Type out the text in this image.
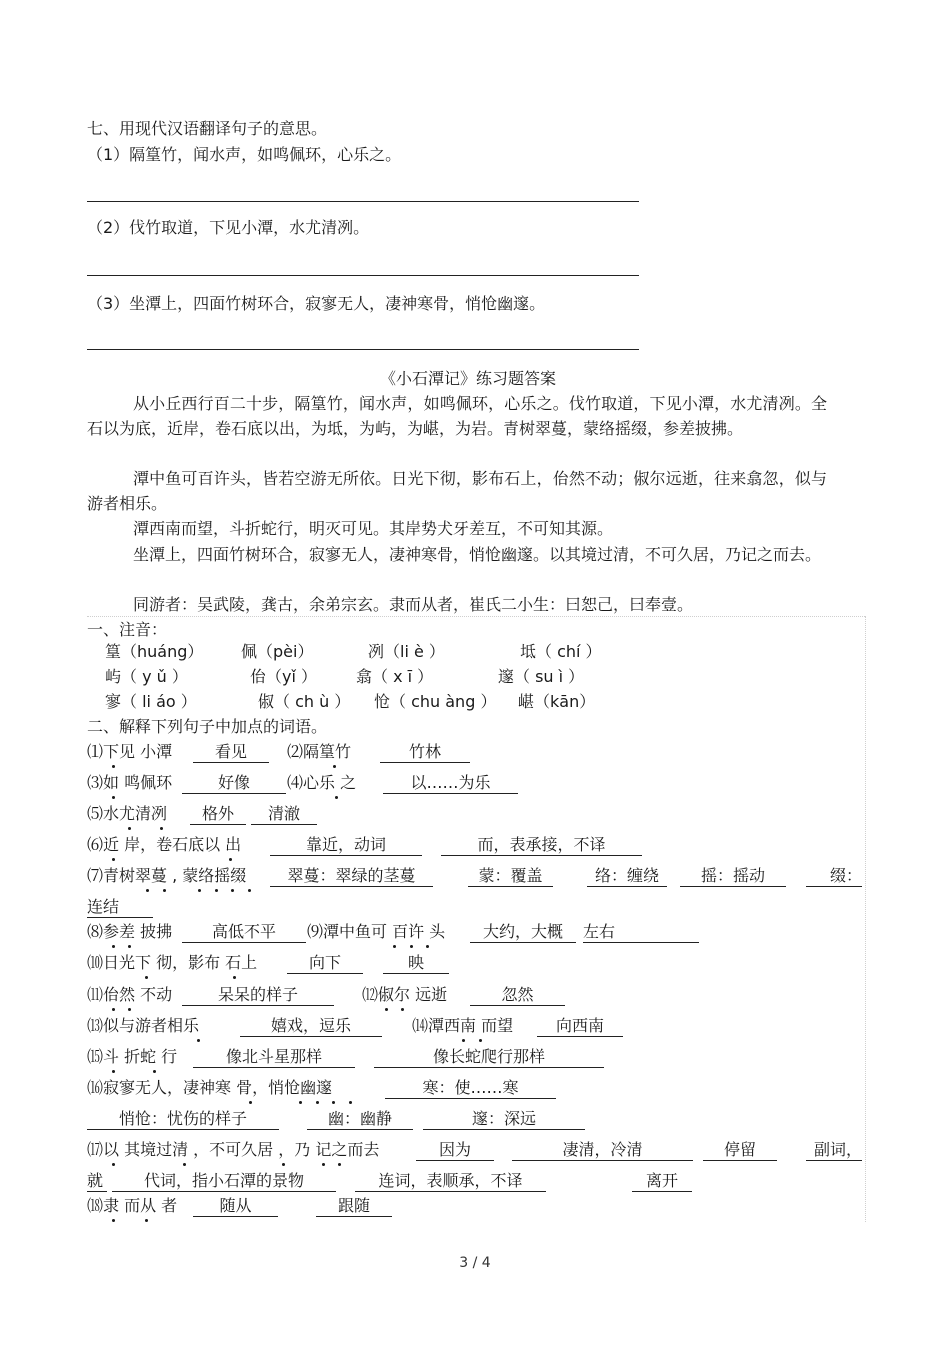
七、用现代汉语翻译句子的意思。
（1）隔篁竹，闻水声，如鸣佩环，心乐之。
（2）伐竹取道，下见小潭，水尤清冽。
（3）坐潭上，四面竹树环合，寂寥无人，凄神寒骨，悄怆幽邃。
《小石潭记》练习题答案
从小丘西行百二十步，隔篁竹，闻水声，如鸣佩环，心乐之。伐竹取道，下见小潭，水尤清冽。全石以为底，近岸，卷石底以出，为坻，为屿，为嵁，为岩。青树翠蔓，蒙络摇缀，参差披拂。
潭中鱼可百许头，皆若空游无所依。日光下彻，影布石上，佁然不动；俶尔远逝，往来翕忽，似与游者相乐。
潭西南而望，斗折蛇行，明灭可见。其岸势犬牙差互，不可知其源。
坐潭上，四面竹树环合，寂寥无人，凄神寒骨，悄怆幽邃。以其境过清，不可久居，乃记之而去。
同游者：吴武陵，龚古，余弟宗玄。隶而从者，崔氏二小生：曰恕己，曰奉壹。
一、注音：
篁（huáng） 佩（pèi）	冽（li è ）	坻（ chí ）
屿（ y ǔ ）	佁（yǐ ） 翕（ x ī ）	邃（ su ì ）
寥（ li áo ）	俶（ ch ù ） 怆（ chu àng ） 嵁（kān）
二、解释下列句子中加点的词语。
⑴下见 小潭	看见	⑵隔篁竹	竹林
⑶如 鸣佩环	好像	⑷心乐 之	以……为乐
⑸水尤清冽	格外	清澈
⑹近 岸，卷石底以 出	靠近，动词	而，表承接，不译
⑺青树翠蔓 , 蒙络摇缀	翠蔓：翠绿的茎蔓	蒙：覆盖	络：缠绕	摇：摇动	缀：
连结
⑻参差 披拂	高低不平	⑼潭中鱼可 百许 头	大约，大概	左右
⑽日光下 彻，影布 石上	向下	映
⑾佁然 不动	呆呆的样子	⑿俶尔 远逝	忽然
⒀似与游者相乐	嬉戏，逗乐	⒁潭西南 而望	向西南
⒂斗 折蛇 行	像北斗星那样	像长蛇爬行那样
⒃寂寥无人，凄神寒 骨，悄怆幽邃	寒：使……寒
悄怆：忧伤的样子	幽：幽静	邃：深远
⒄以 其境过清 ，不可久居 ，乃 记之而去	因为	凄清，冷清	停留	副词，
就	代词，指小石潭的景物	连词，表顺承，不译	离开
⒅隶 而从 者	随从	跟随
3 / 4
